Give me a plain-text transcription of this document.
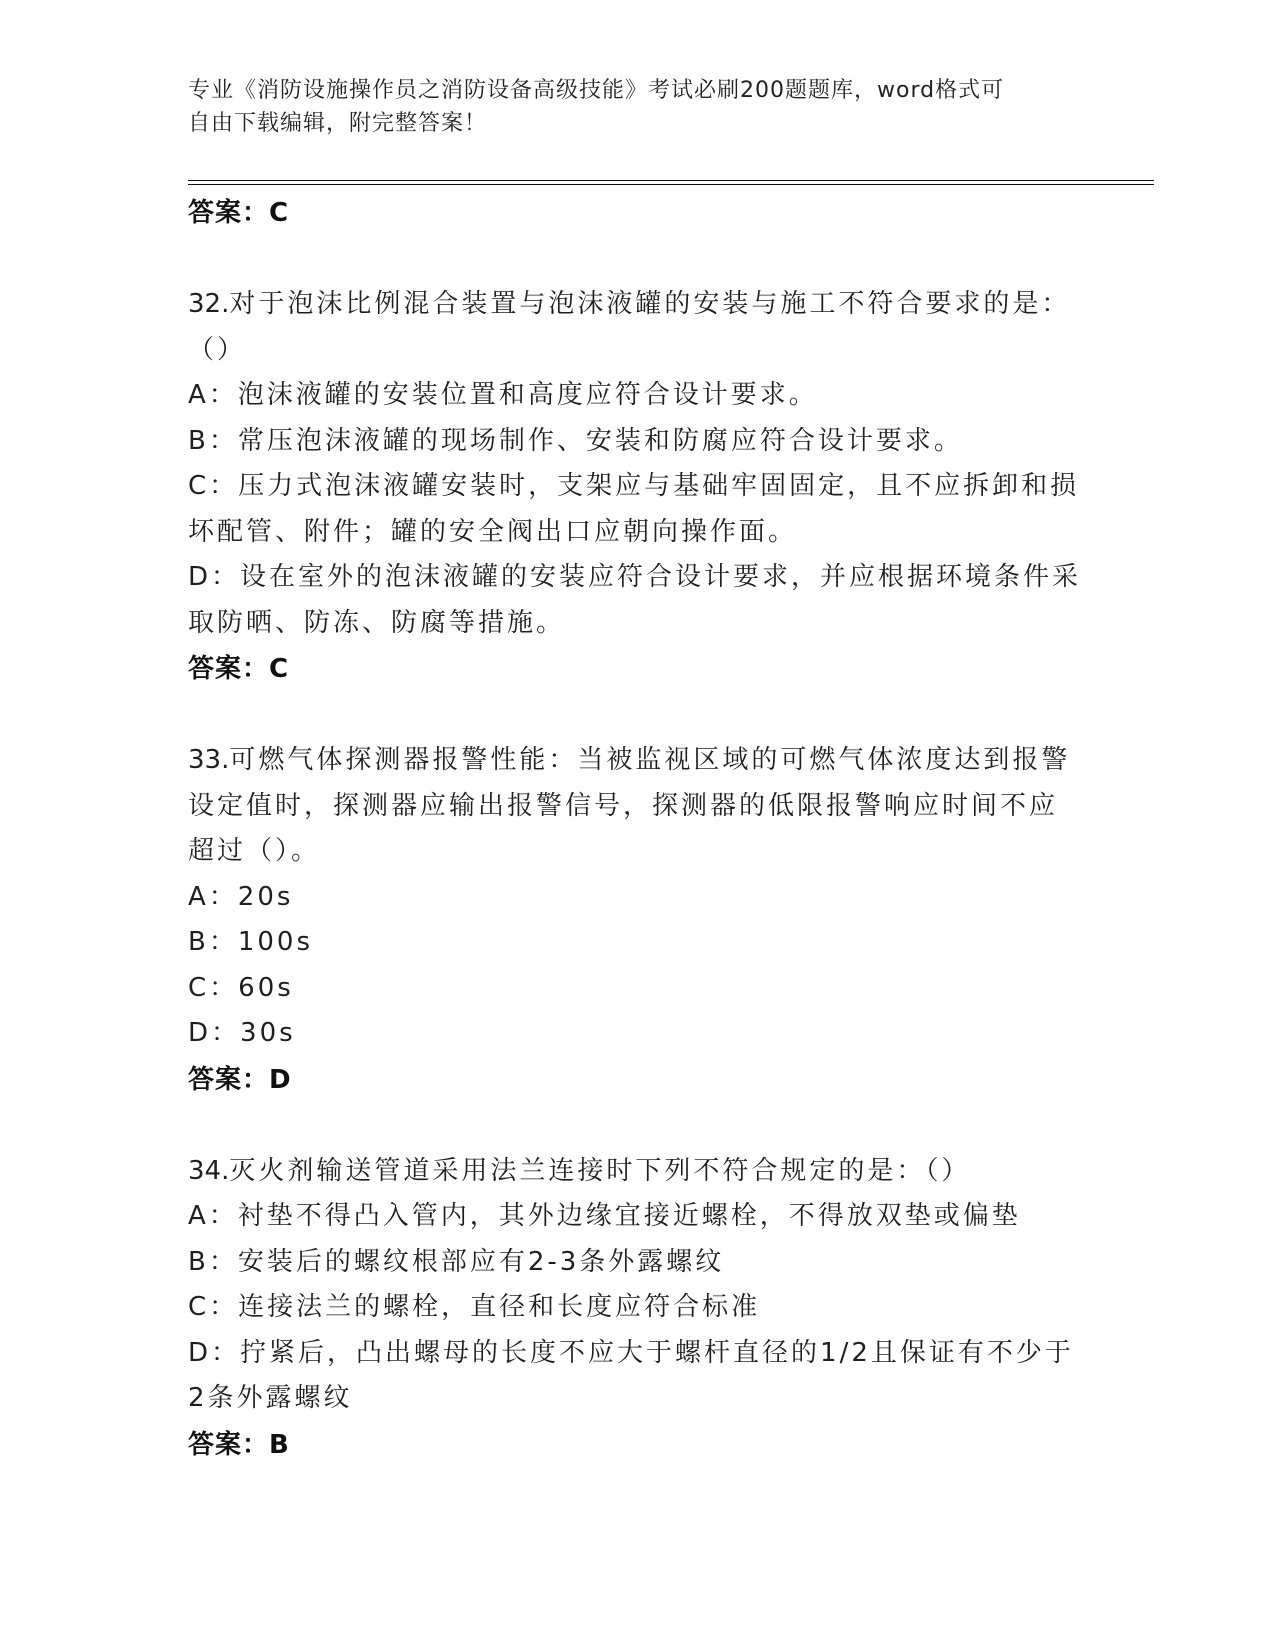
专业《消防设施操作员之消防设备高级技能》考试必刷200题题库，word格式可
自由下载编辑，附完整答案！
答案：C
32.对于泡沫比例混合装置与泡沫液罐的安装与施工不符合要求的是：
（）
A：泡沫液罐的安装位置和高度应符合设计要求。
B：常压泡沫液罐的现场制作、安装和防腐应符合设计要求。
C：压力式泡沫液罐安装时，支架应与基础牢固固定，且不应拆卸和损
坏配管、附件；罐的安全阀出口应朝向操作面。
D：设在室外的泡沫液罐的安装应符合设计要求，并应根据环境条件采
取防晒、防冻、防腐等措施。
答案：C
33.可燃气体探测器报警性能：当被监视区域的可燃气体浓度达到报警
设定值时，探测器应输出报警信号，探测器的低限报警响应时间不应
超过（）。
A：20s
B：100s
C：60s
D：30s
答案：D
34.灭火剂输送管道采用法兰连接时下列不符合规定的是：（）
A：衬垫不得凸入管内，其外边缘宜接近螺栓，不得放双垫或偏垫
B：安装后的螺纹根部应有2-3条外露螺纹
C：连接法兰的螺栓，直径和长度应符合标准
D：拧紧后，凸出螺母的长度不应大于螺杆直径的1/2且保证有不少于
2条外露螺纹
答案：B
